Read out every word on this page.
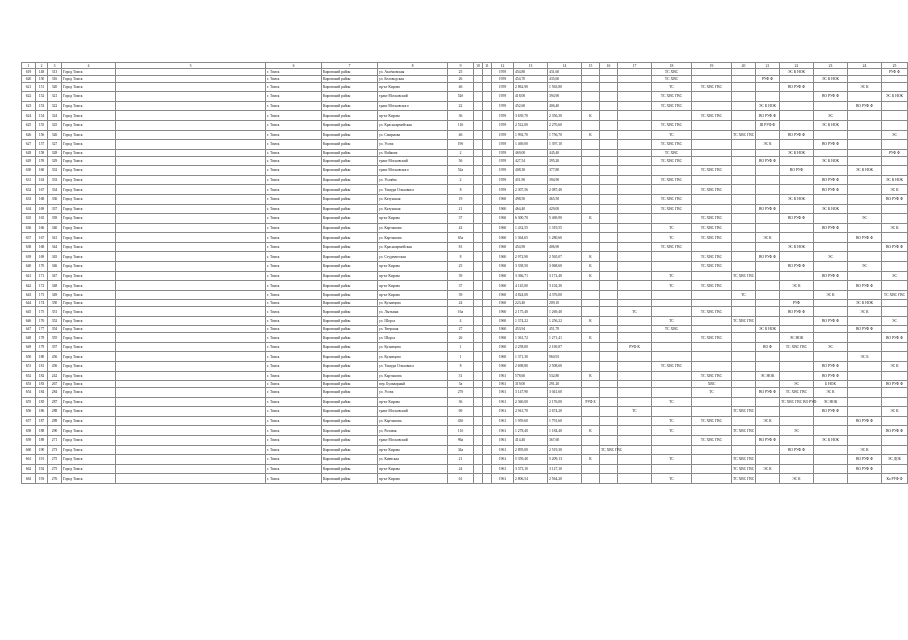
1	2	3	4	5	6	7	8	9	10	11	12	13	14	15	16	17	18	19	20	21	22	23	24	25	
619	148	313	Город Томск		г. Томск	Кировский район	ул. Аксёновская	25			1959	454,80	431,60				ТС ХВС				ЭС К НОК			РУФ Ф	
620	150	316	Город Томск		г. Томск	Кировский район	ул. Беловодская	26			1959	454,70	435,60				ТС ХВС			РУФ Ф		ЭС К НОК			
621	151	320	Город Томск		г. Томск	Кировский район	пр-кт Кирова	46			1959	2 862,90	1 563,80				ТС	ТС ХВС ГВС			ВО РУФ Ф		ЭС К		
622	152	321	Город Томск		г. Томск	Кировский район	тракт Московский	52б			1959	418,00	394,90				ТС ХВС ГВС					ВО РУФ Ф		ЭС К НОК	
623	153	322	Город Томск		г. Томск	Кировский район	тракт Московского	22			1959	452,60	406,40				ТС ХВС ГВС			ЭС К НОК			ВО РУФ Ф		
624	154	324	Город Томск		г. Томск	Кировский район	пр-кт Кирова	36			1959	3 639,70	2 356,30	К				ТС ХВС ГВС		ВО РУФ Ф		ЭС			
625	155	325	Город Томск		г. Томск	Кировский район	ул. Красноармейская	116			1959	2 522,00	2 270,60				ТС ХВС ГВС			Ш РУФ Ф		ЭС К НОК			
626	156	326	Город Томск		г. Томск	Кировский район	ул. Смирнова	46			1959	1 992,70	1 756,70	К			ТС		ТС ХВС ГВС		ВО РУФ Ф			ЭС	
627	157	327	Город Томск		г. Томск	Кировский район	ул. Усова	19б			1959	1 469,00	1 397,10				ТС ХВС ГВС			ЭС К		ВО РУФ Ф			
628	158	328	Город Томск		г. Томск	Кировский район	ул. Войкова	2			1959	469,00	445,40				ТС ХВС				ЭС К НОК			РУФ Ф	
629	159	329	Город Томск		г. Томск	Кировский район	тракт Московский	56			1959	427,54	395,20				ТС ХВС ГВС			ВО РУФ Ф		ЭС К НОК			
630	160	332	Город Томск		г. Томск	Кировский район	тракт Московского	52а			1959	408,30	377,80					ТС ХВС ГВС			ВО РУФ		ЭС К НОК		
631	163	333	Город Томск		г. Томск	Кировский район	ул. Усачёва	2			1959	451,90	394,90				ТС ХВС ГВС					ВО РУФ Ф		ЭС К НОК	
632	167	334	Город Томск		г. Томск	Кировский район	ул. Тимура Ольховиса	8			1959	2 307,56	2 087,40					ТС ХВС ГВС				ВО РУФ Ф		ЭС К	
633	168	336	Город Томск		г. Томск	Кировский район	ул. Катунская	19			1960	498,50	465,50				ТС ХВС ГВС				ЭС К НОК			ВО РУФ Ф	
634	169	337	Город Томск		г. Томск	Кировский район	ул. Катунская	21			1960	464,40	429,00				ТС ХВС ГВС			ВО РУФ Ф		ЭС К НОК			
635	165	339	Город Томск		г. Томск	Кировский район	пр-кт Кирова	37			1960	6 300,70	5 469,90	К				ТС ХВС ГВС			ВО РУФ Ф		ЭС		
636	166	340	Город Томск		г. Томск	Кировский район	ул. Карташова	42			1960	1 432,55	1 319,55				ТС	ТС ХВС ГВС				ВО РУФ Ф		ЭС К	
637	167	341	Город Томск		г. Томск	Кировский район	ул. Карташова	65а			1960	1 364,65	1 280,60				ТС	ТС ХВС ГВС		ЭС К			ВО РУФ Ф		
638	168	344	Город Томск		г. Томск	Кировский район	ул. Красноармейская	81			1960	454,90	406,90				ТС ХВС ГВС				ЭС К НОК			ВО РУФ Ф	
639	169	345	Город Томск		г. Томск	Кировский район	ул. Студенческая	8			1960	2 972,90	2 565,07	К				ТС ХВС ГВС		ВО РУФ Ф		ЭС			
640	170	346	Город Томск		г. Томск	Кировский район	пр-кт Кирова	25			1960	3 338,50	3 068,60	К				ТС ХВС ГВС			ВО РУФ Ф		ЭС		
641	171	347	Город Томск		г. Томск	Кировский район	пр-кт Кирова	39			1960	3 366,71	3 172,40	К			ТС		ТС ХВС ГВС			ВО РУФ Ф		ЭС	
642	172	348	Город Томск		г. Томск	Кировский район	пр-кт Кирова	37			1960	4 145,00	3 102,30				ТС	ТС ХВС ГВС			ЭС К		ВО РУФ Ф		
643	173	349	Город Томск		г. Томск	Кировский район	пр-кт Кирова	39			1960	4 824,00	4 376,00						ТС			ЭС К		ТС ХВС ГВС	
644	174	350	Город Томск		г. Томск	Кировский район	ул. Кузнецова	24			1960	223,40	209,10								РУФ		ЭС К НОК		
645	175	351	Город Томск		г. Томск	Кировский район	ул. Лыткина	16а			1960	2 175,40	1 269,40			ТС		ТС ХВС ГВС			ВО РУФ Ф		ЭС К		
646	176	352	Город Томск		г. Томск	Кировский район	ул. Шорса	4			1960	1 374,22	1 256,22	К			ТС		ТС ХВС ГВС			ВО РУФ Ф		ЭС	
647	177	354	Город Томск		г. Томск	Кировский район	ул. Тверская	27			1960	453,94	451,70				ТС ХВС			ЭС К НОК			ВО РУФ Ф		
648	178	355	Город Томск		г. Томск	Кировский район	ул. Шорса	26			1960	1 361,72	1 271,41	К				ТС ХВС ГВС			ЭС НОК			ВО РУФ Ф	
649	179	357	Город Томск		г. Томск	Кировский район	ул. Кузнецова	1			1960	2 258,00	2 169,87			РУФ К				ВО Ф	ТС ХВС ГВС	ЭС			
650	180	456	Город Томск		г. Томск	Кировский район	ул. Кузнецова	1			1960	1 371,30	960,93										ЭС Б		
651	181	456	Город Томск		г. Томск	Кировский район	ул. Тимура Ольховиса	8			1960	2 698,80	2 508,60				ТС ХВС ГВС					ВО РУФ Ф		ЭС К	
652	182	242	Город Томск		г. Томск	Кировский район	ул. Карташова	31			1961	578,60	532,80	К				ТС ХВС ГВС		ЭС НОК		ВО РУФ Ф			
653	183	267	Город Томск		г. Томск	Кировский район	пер. Бульварный	5а			1961	319,00	291,20					ХВС			ЭС	Б НОК		ВО РУФ Ф	
654	184	284	Город Томск		г. Томск	Кировский район	ул. Усова	27б			1961	3 147,90	3 041,60					ТС		ВО РУФ Ф	ТС ХВС ГВС	ЭС К			
655	185	287	Город Томск		г. Томск	Кировский район	пр-кт Кирова	36			1961	2 360,00	2 176,00	РУФ Б			ТС				ТС ХВС ГВС ВО РУФ	ЭС НОК			
656	186	288	Город Томск		г. Томск	Кировский район	тракт Московский	69			1961	2 941,70	2 674,20			ТС			ТС ХВС ГВС			ВО РУФ Ф		ЭС К	
657	187	289	Город Томск		г. Томск	Кировский район	ул. Карташова	43б			1961	1 959,60	1 791,60				ТС	ТС ХВС ГВС		ЭС К			ВО РУФ Ф		
658	188	290	Город Томск		г. Томск	Кировский район	ул. Розовая	11б			1961	1 278,40	1 184,40	К			ТС		ТС ХВС ГВС		ЭС			ВО РУФ Ф	
659	189	271	Город Томск		г. Томск	Кировский район	тракт Московский	96а			1961	414,40	367,60					ТС ХВС ГВС		ВО РУФ Ф		ЭС К НОК			
660	190	273	Город Томск		г. Томск	Кировский район	пр-кт Кирова	34а			1961	2 895,00	2 519,30		ТС ХВС ГВС						ВО РУФ Ф		ЭС К		
661	191	275	Город Томск		г. Томск	Кировский район	ул. Киевская	21			1961	5 359,40	5 209,13	К			ТС		ТС ХВС ГВС				ВО РУФ Ф	ЭС ДОБ	
662	192	275	Город Томск		г. Томск	Кировский район	пр-кт Кирова	24			1961	3 373,10	3 127,10						ТС ХВС ГВС	ЭС К			ВО РУФ Ф		
663	193	276	Город Томск		г. Томск	Кировский район	пр-кт Кирова	61			1961	2 806,54	2 564,20				ТС		ТС ХВС ГВС		ЭС К			Ко РУФ Ф	
